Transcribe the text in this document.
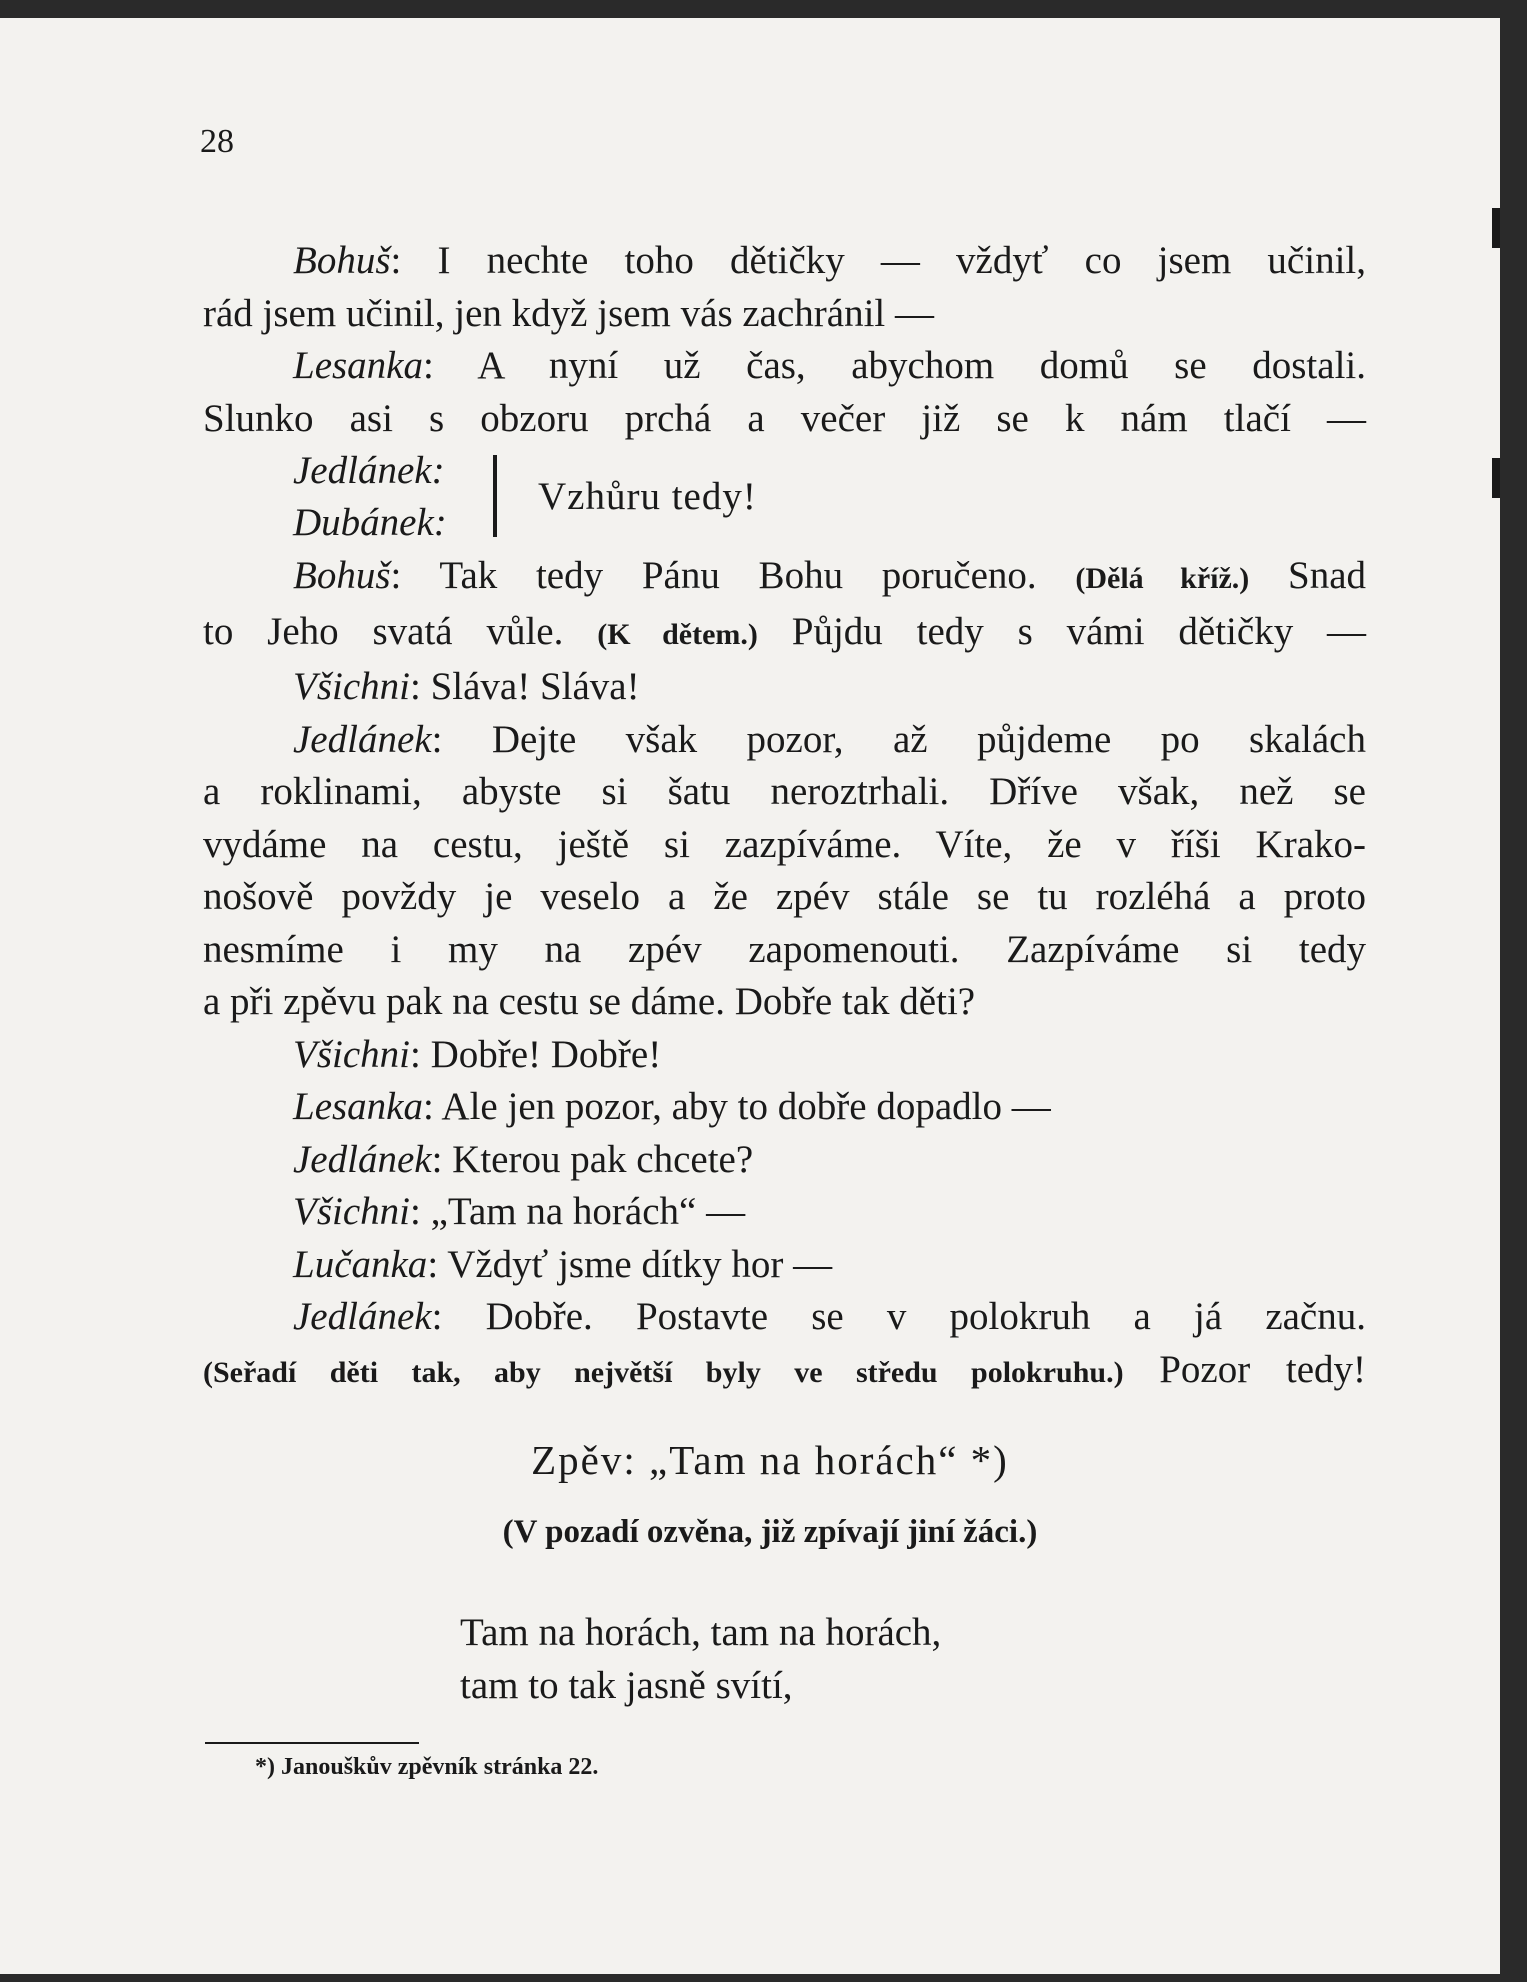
28
Bohuš: I nechte toho dětičky — vždyť co jsem učinil,
rád jsem učinil, jen když jsem vás zachránil —
Lesanka: A nyní už čas, abychom domů se dostali.
Slunko asi s obzoru prchá a večer již se k nám tlačí —
Jedlánek:
Dubánek:
Vzhůru tedy!
Bohuš: Tak tedy Pánu Bohu poručeno. (Dělá kříž.) Snad
to Jeho svatá vůle. (K dětem.) Půjdu tedy s vámi dětičky —
Všichni: Sláva! Sláva!
Jedlánek: Dejte však pozor, až půjdeme po skalách
a roklinami, abyste si šatu neroztrhali. Dříve však, než se
vydáme na cestu, ještě si zazpíváme. Víte, že v říši Krako-
nošově povždy je veselo a že zpév stále se tu rozléhá a proto
nesmíme i my na zpév zapomenouti. Zazpíváme si tedy
a při zpěvu pak na cestu se dáme. Dobře tak děti?
Všichni: Dobře! Dobře!
Lesanka: Ale jen pozor, aby to dobře dopadlo —
Jedlánek: Kterou pak chcete?
Všichni: „Tam na horách“ —
Lučanka: Vždyť jsme dítky hor —
Jedlánek: Dobře. Postavte se v polokruh a já začnu.
(Seřadí děti tak, aby největší byly ve středu polokruhu.) Pozor tedy!
Zpěv: „Tam na horách“ *)
(V pozadí ozvěna, již zpívají jiní žáci.)
Tam na horách, tam na horách,
tam to tak jasně svítí,
*) Janouškův zpěvník stránka 22.
